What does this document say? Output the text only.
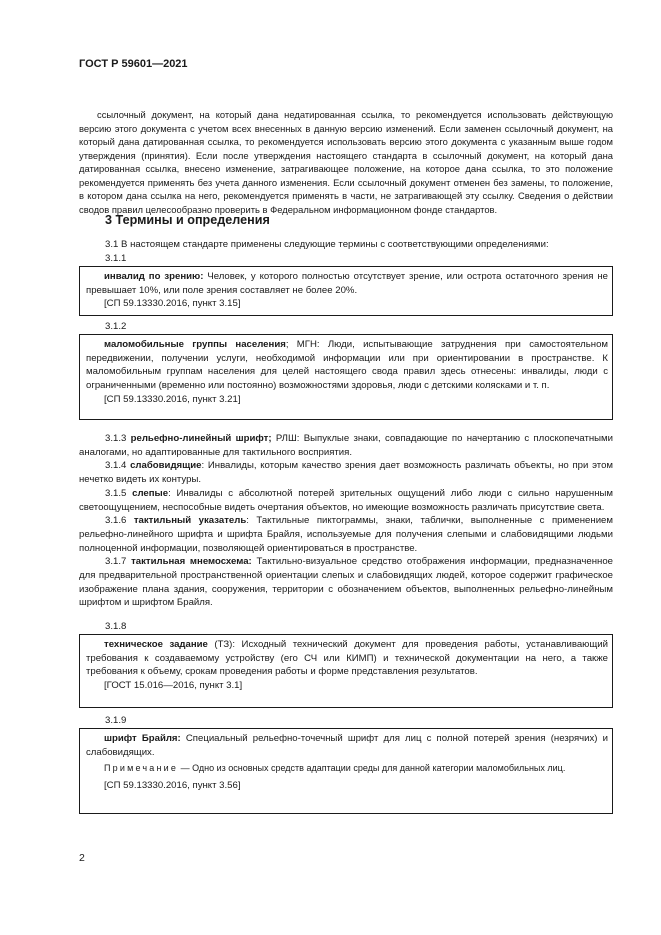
ГОСТ Р 59601—2021
ссылочный документ, на который дана недатированная ссылка, то рекомендуется использовать действующую версию этого документа с учетом всех внесенных в данную версию изменений. Если заменен ссылочный документ, на который дана датированная ссылка, то рекомендуется использовать версию этого документа с указанным выше годом утверждения (принятия). Если после утверждения настоящего стандарта в ссылочный документ, на который дана датированная ссылка, внесено изменение, затрагивающее положение, на которое дана ссылка, то это положение рекомендуется применять без учета данного изменения. Если ссылочный документ отменен без замены, то положение, в котором дана ссылка на него, рекомендуется применять в части, не затрагивающей эту ссылку. Сведения о действии сводов правил целесообразно проверить в Федеральном информационном фонде стандартов.
3 Термины и определения
3.1 В настоящем стандарте применены следующие термины с соответствующими определениями:
3.1.1

инвалид по зрению: Человек, у которого полностью отсутствует зрение, или острота остаточного зрения не превышает 10%, или поле зрения составляет не более 20%.

[СП 59.13330.2016, пункт 3.15]

3.1.2

маломобильные группы населения; МГН: Люди, испытывающие затруднения при самостоятельном передвижении, получении услуги, необходимой информации или при ориентировании в пространстве. К маломобильным группам населения для целей настоящего свода правил здесь отнесены: инвалиды, люди с ограниченными (временно или постоянно) возможностями здоровья, люди с детскими колясками и т. п.

[СП 59.13330.2016, пункт 3.21]

3.1.3 рельефно-линейный шрифт; РЛШ: Выпуклые знаки, совпадающие по начертанию с плоскопечатными аналогами, но адаптированные для тактильного восприятия.

3.1.4 слабовидящие: Инвалиды, которым качество зрения дает возможность различать объекты, но при этом нечетко видеть их контуры.

3.1.5 слепые: Инвалиды с абсолютной потерей зрительных ощущений либо люди с сильно нарушенным светоощущением, неспособные видеть очертания объектов, но имеющие возможность различать присутствие света.

3.1.6 тактильный указатель: Тактильные пиктограммы, знаки, таблички, выполненные с применением рельефно-линейного шрифта и шрифта Брайля, используемые для получения слепыми и слабовидящими людьми полноценной информации, позволяющей ориентироваться в пространстве.

3.1.7 тактильная мнемосхема: Тактильно-визуальное средство отображения информации, предназначенное для предварительной пространственной ориентации слепых и слабовидящих людей, которое содержит графическое изображение плана здания, сооружения, территории с обозначением объектов, выполненных рельефно-линейным шрифтом и шрифтом Брайля.

3.1.8

техническое задание (ТЗ): Исходный технический документ для проведения работы, устанавливающий требования к создаваемому устройству (его СЧ или КИМП) и технической документации на него, а также требования к объему, срокам проведения работы и форме представления результатов.

[ГОСТ 15.016—2016, пункт 3.1]

3.1.9

шрифт Брайля: Специальный рельефно-точечный шрифт для лиц с полной потерей зрения (незрячих) и слабовидящих.

Примечание — Одно из основных средств адаптации среды для данной категории маломобильных лиц.

[СП 59.13330.2016, пункт 3.56]

2
